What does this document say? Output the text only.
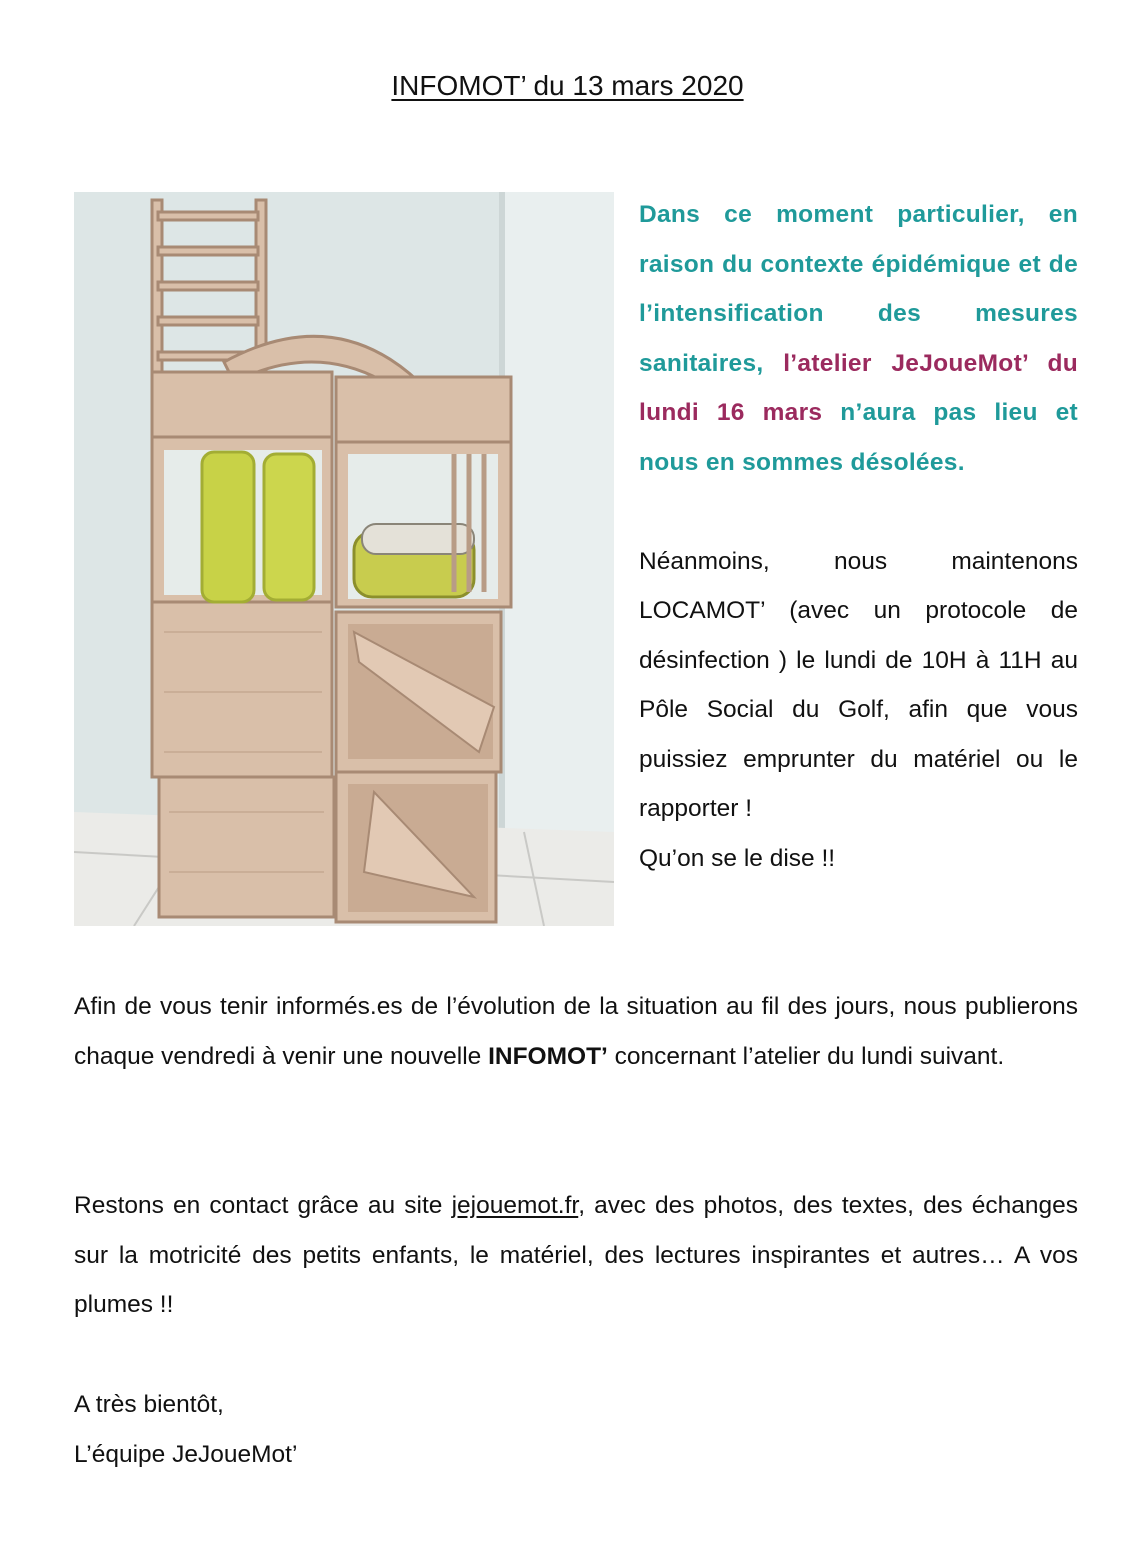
INFOMOT’ du 13 mars 2020
Dans ce moment particulier, en raison du contexte épidémique et de l’intensification des mesures sanitaires, l’atelier JeJoueMot’ du lundi 16 mars n’aura pas lieu et nous en sommes désolées.
Néanmoins, nous maintenons LOCAMOT’ (avec un protocole de désinfection ) le lundi de 10H à 11H au Pôle Social du Golf, afin que vous puissiez emprunter du matériel ou le rapporter !
Qu’on se le dise !!
Afin de vous tenir informés.es de l’évolution de la situation au fil des jours, nous publierons chaque vendredi à venir une nouvelle INFOMOT’ concernant l’atelier du lundi suivant.
Restons en contact grâce au site jejouemot.fr, avec des photos, des textes, des échanges sur la motricité des petits enfants, le matériel, des lectures inspirantes et autres… A vos plumes !!
A très bientôt,
L’équipe JeJoueMot’
